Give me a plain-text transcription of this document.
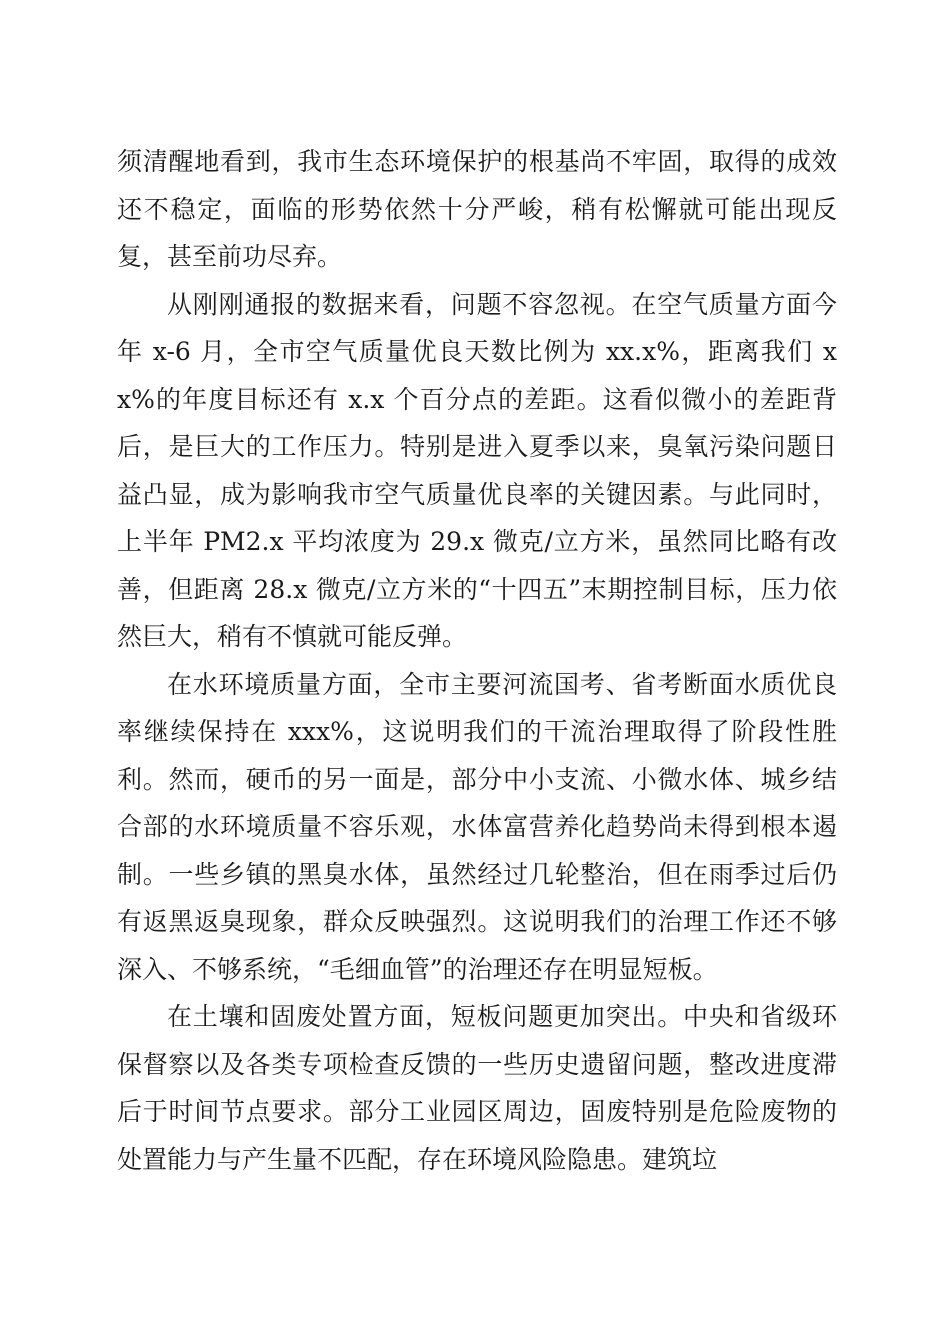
须清醒地看到，我市生态环境保护的根基尚不牢固，取得的成效还不稳定，面临的形势依然十分严峻，稍有松懈就可能出现反复，甚至前功尽弃。

从刚刚通报的数据来看，问题不容忽视。在空气质量方面今年 x-6 月，全市空气质量优良天数比例为 xx.x%，距离我们 xx%的年度目标还有 x.x 个百分点的差距。这看似微小的差距背后，是巨大的工作压力。特别是进入夏季以来，臭氧污染问题日益凸显，成为影响我市空气质量优良率的关键因素。与此同时，上半年 PM2.x 平均浓度为 29.x 微克/立方米，虽然同比略有改善，但距离 28.x 微克/立方米的“十四五”末期控制目标，压力依然巨大，稍有不慎就可能反弹。

在水环境质量方面，全市主要河流国考、省考断面水质优良率继续保持在 xxx%，这说明我们的干流治理取得了阶段性胜利。然而，硬币的另一面是，部分中小支流、小微水体、城乡结合部的水环境质量不容乐观，水体富营养化趋势尚未得到根本遏制。一些乡镇的黑臭水体，虽然经过几轮整治，但在雨季过后仍有返黑返臭现象，群众反映强烈。这说明我们的治理工作还不够深入、不够系统，“毛细血管”的治理还存在明显短板。

在土壤和固废处置方面，短板问题更加突出。中央和省级环保督察以及各类专项检查反馈的一些历史遗留问题，整改进度滞后于时间节点要求。部分工业园区周边，固废特别是危险废物的处置能力与产生量不匹配，存在环境风险隐患。建筑垃
